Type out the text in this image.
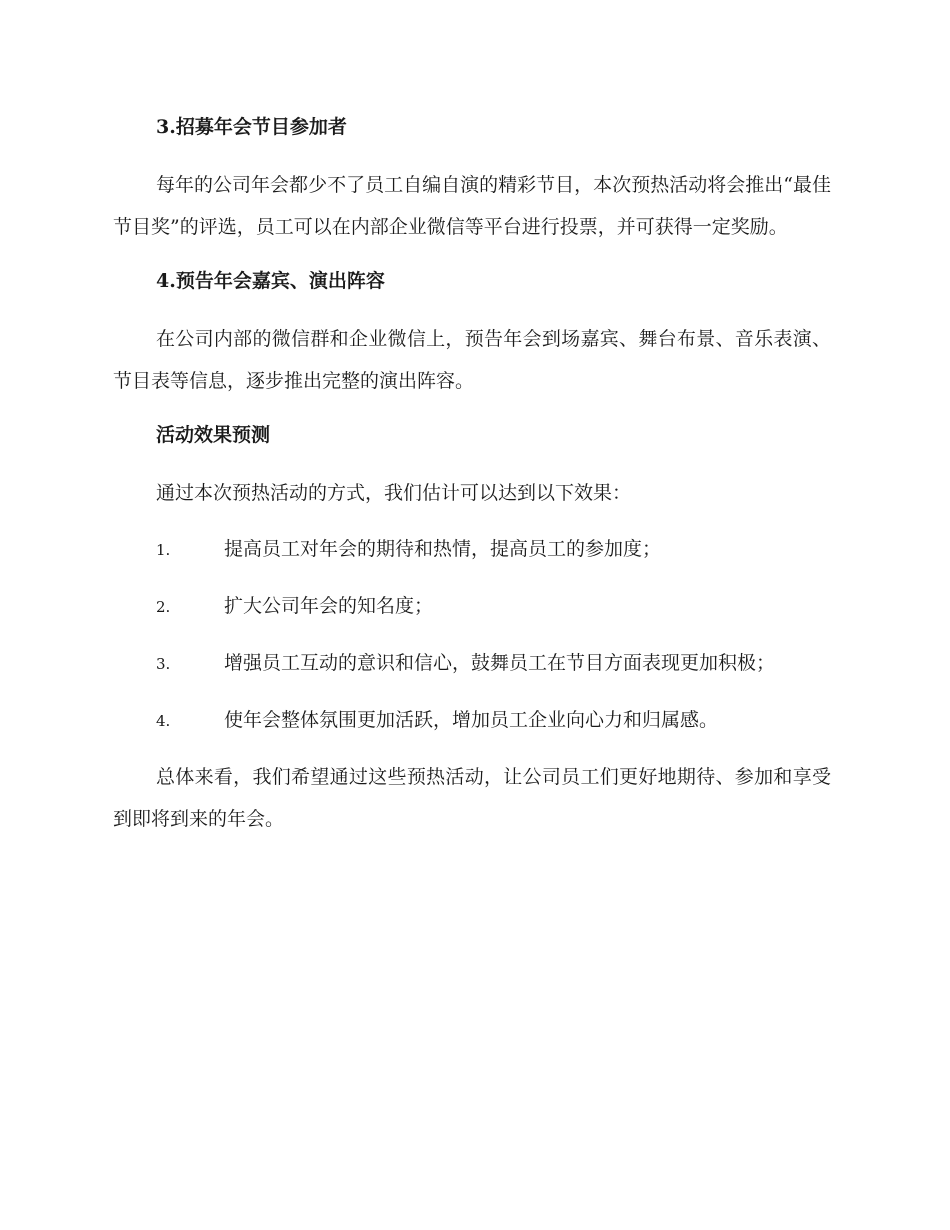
3.招募年会节目参加者
每年的公司年会都少不了员工自编自演的精彩节目，本次预热活动将会推出“最佳节目奖”的评选，员工可以在内部企业微信等平台进行投票，并可获得一定奖励。
4.预告年会嘉宾、演出阵容
在公司内部的微信群和企业微信上，预告年会到场嘉宾、舞台布景、音乐表演、节目表等信息，逐步推出完整的演出阵容。
活动效果预测
通过本次预热活动的方式，我们估计可以达到以下效果：
1.	提高员工对年会的期待和热情，提高员工的参加度；
2.	扩大公司年会的知名度；
3.	增强员工互动的意识和信心，鼓舞员工在节目方面表现更加积极；
4.	使年会整体氛围更加活跃，增加员工企业向心力和归属感。
总体来看，我们希望通过这些预热活动，让公司员工们更好地期待、参加和享受到即将到来的年会。
